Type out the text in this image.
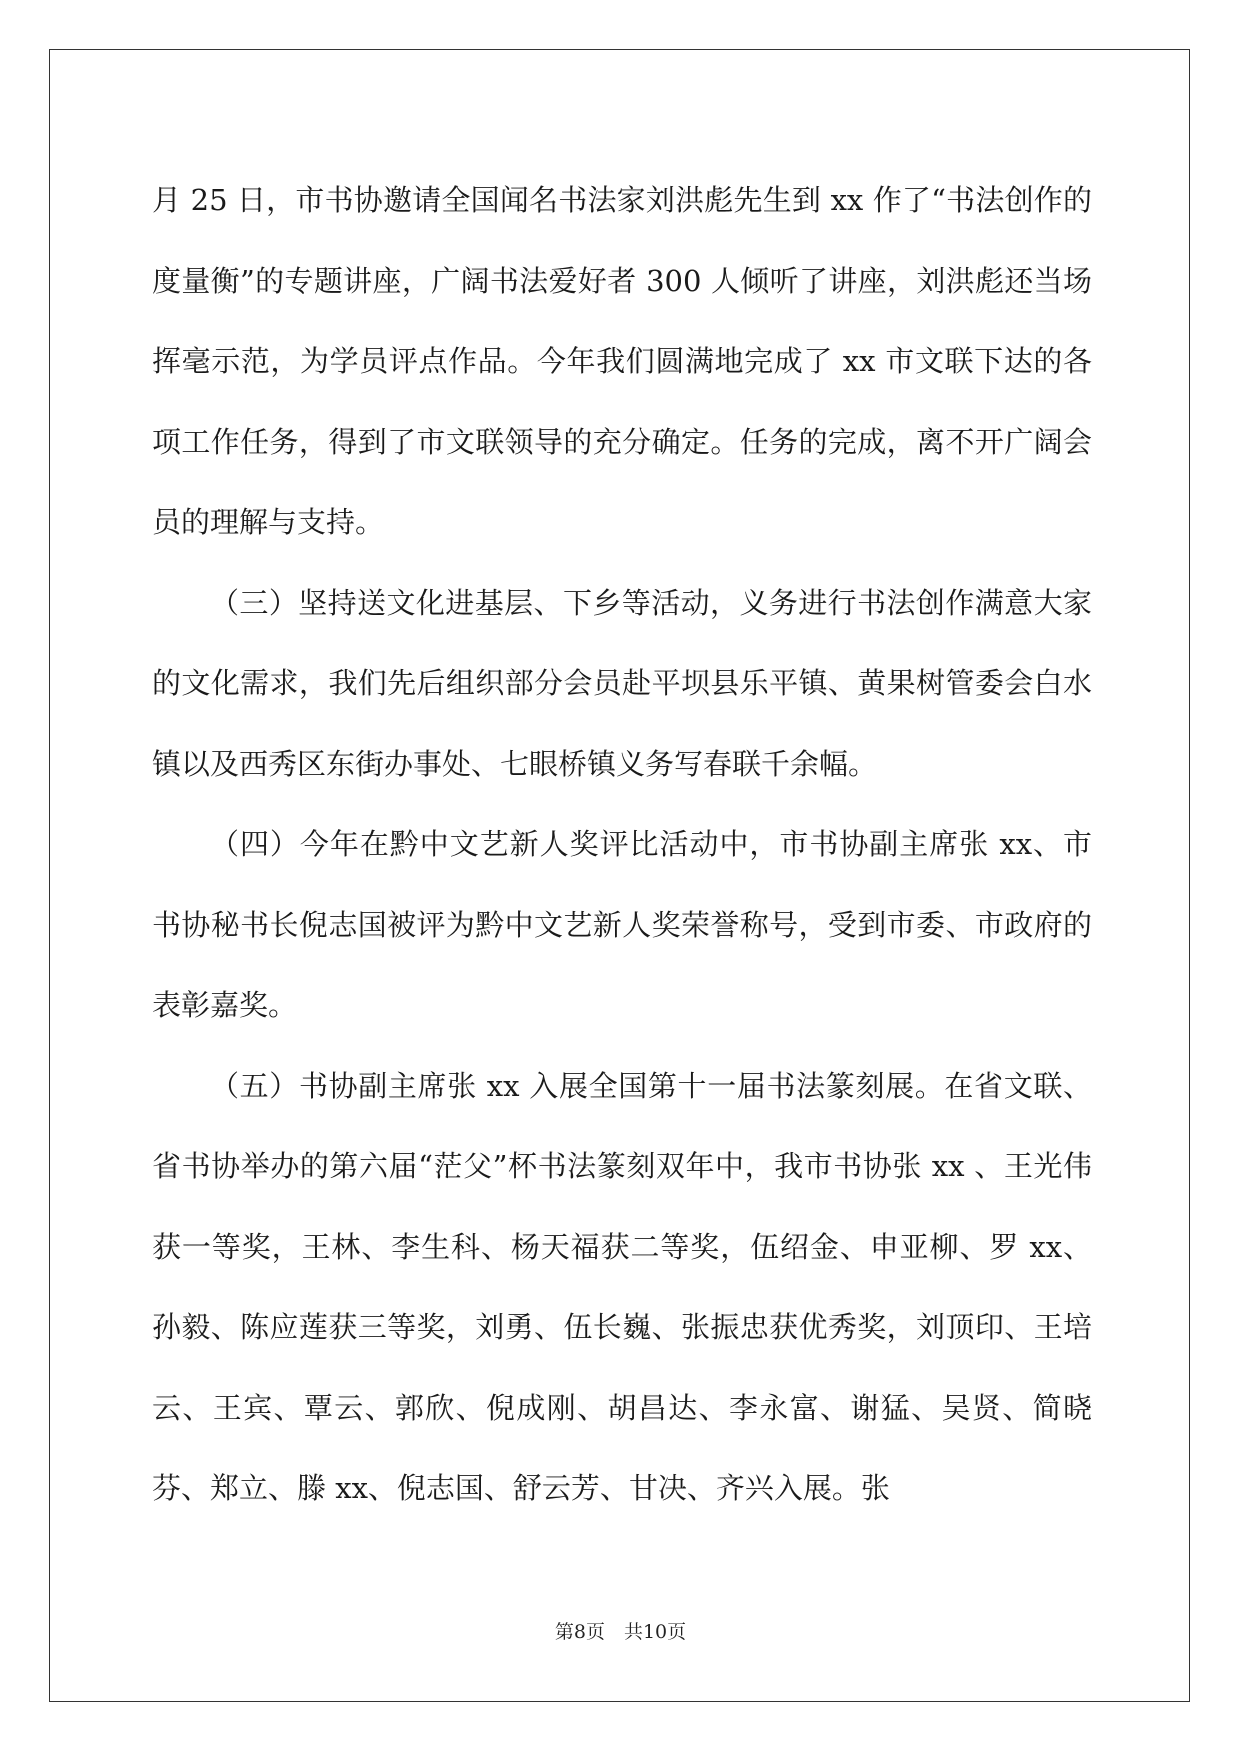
月 25 日，市书协邀请全国闻名书法家刘洪彪先生到 xx 作了“书法创作的度量衡”的专题讲座，广阔书法爱好者 300 人倾听了讲座，刘洪彪还当场挥毫示范，为学员评点作品。今年我们圆满地完成了 xx 市文联下达的各项工作任务，得到了市文联领导的充分确定。任务的完成，离不开广阔会员的理解与支持。

（三）坚持送文化进基层、下乡等活动，义务进行书法创作满意大家的文化需求，我们先后组织部分会员赴平坝县乐平镇、黄果树管委会白水镇以及西秀区东街办事处、七眼桥镇义务写春联千余幅。

（四）今年在黔中文艺新人奖评比活动中，市书协副主席张 xx、市书协秘书长倪志国被评为黔中文艺新人奖荣誉称号，受到市委、市政府的表彰嘉奖。

（五）书协副主席张 xx 入展全国第十一届书法篆刻展。在省文联、省书协举办的第六届“茫父”杯书法篆刻双年中，我市书协张 xx 、王光伟获一等奖，王林、李生科、杨天福获二等奖，伍绍金、申亚柳、罗 xx、孙毅、陈应莲获三等奖，刘勇、伍长巍、张振忠获优秀奖，刘顶印、王培云、王宾、覃云、郭欣、倪成刚、胡昌达、李永富、谢猛、吴贤、简晓芬、郑立、滕 xx、倪志国、舒云芳、甘决、齐兴入展。张

第8页  共10页
